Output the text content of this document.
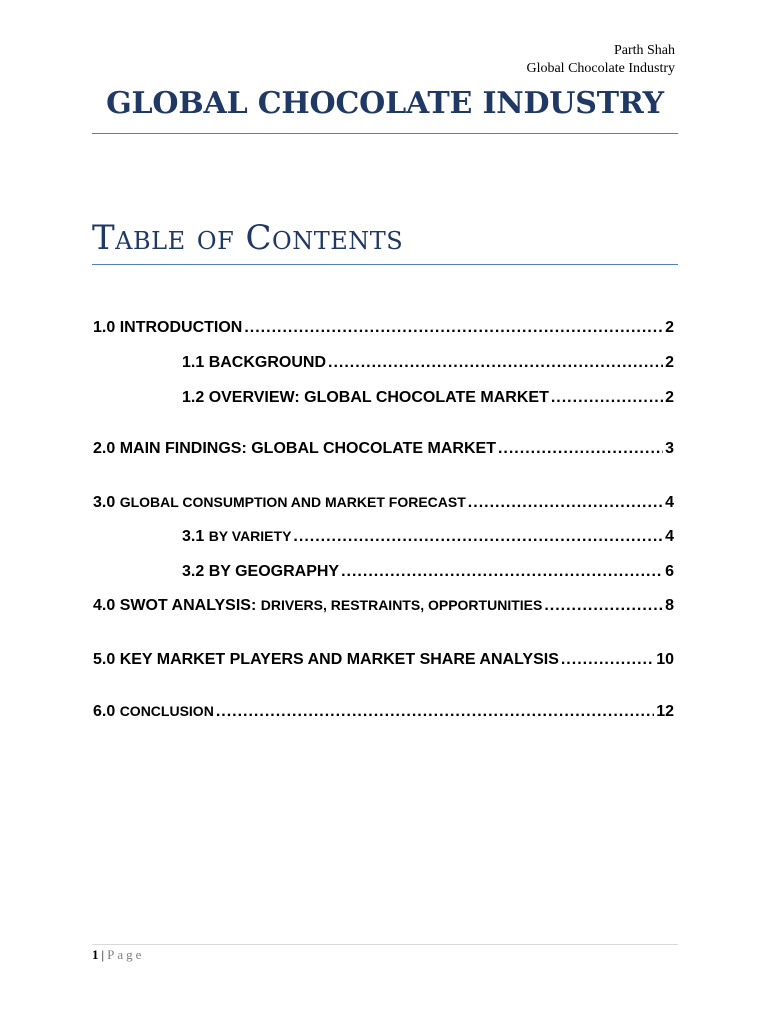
Parth Shah
Global Chocolate Industry
GLOBAL CHOCOLATE INDUSTRY
Table of Contents
1.0 INTRODUCTION .....	2
1.1 BACKGROUND .....	2
1.2 OVERVIEW: GLOBAL CHOCOLATE MARKET .....	2
2.0 MAIN FINDINGS: GLOBAL CHOCOLATE MARKET .....	3
3.0 GLOBAL CONSUMPTION AND MARKET FORECAST .....	4
3.1 BY VARIETY .....	4
3.2 BY GEOGRAPHY .....	6
4.0 SWOT ANALYSIS: DRIVERS, RESTRAINTS, OPPORTUNITIES .....	8
5.0 KEY MARKET PLAYERS AND MARKET SHARE ANALYSIS .....	10
6.0 CONCLUSION .....	12
1 | Page
